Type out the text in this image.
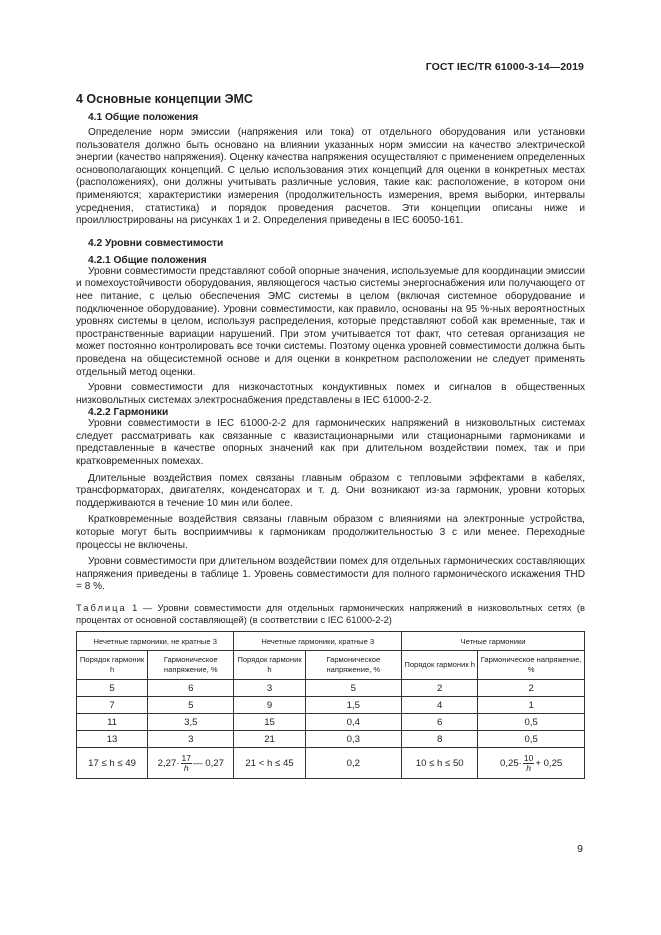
ГОСТ IEC/TR 61000-3-14—2019
4 Основные концепции ЭМС
4.1 Общие положения

Определение норм эмиссии (напряжения или тока) от отдельного оборудования или установки пользователя должно быть основано на влиянии указанных норм эмиссии на качество электрической энергии (качество напряжения). Оценку качества напряжения осуществляют с применением определенных основополагающих концепций. С целью использования этих концепций для оценки в конкретных местах (расположениях), они должны учитывать различные условия, такие как: расположение, в котором они применяются; характеристики измерения (продолжительность измерения, время выборки, интервалы усреднения, статистика) и порядок проведения расчетов. Эти концепции описаны ниже и проиллюстрированы на рисунках 1 и 2. Определения приведены в IEC 60050-161.

4.2 Уровни совместимости
4.2.1 Общие положения

Уровни совместимости представляют собой опорные значения, используемые для координации эмиссии и помехоустойчивости оборудования, являющегося частью системы энергоснабжения или получающего от нее питание, с целью обеспечения ЭМС системы в целом (включая системное оборудование и подключенное оборудование). Уровни совместимости, как правило, основаны на 95 %-ных вероятностных уровнях системы в целом, используя распределения, которые представляют собой как временные, так и пространственные вариации нарушений. При этом учитывается тот факт, что сетевая организация не может постоянно контролировать все точки системы. Поэтому оценка уровней совместимости должна быть проведена на общесистемной основе и для оценки в конкретном расположении не следует применять отдельный метод оценки.

Уровни совместимости для низкочастотных кондуктивных помех и сигналов в общественных низковольтных системах электроснабжения представлены в IEC 61000-2-2.

4.2.2 Гармоники

Уровни совместимости в IEC 61000-2-2 для гармонических напряжений в низковольтных системах следует рассматривать как связанные с квазистационарными или стационарными гармониками и представленные в качестве опорных значений как при длительном воздействии помех, так и при кратковременных помехах.

Длительные воздействия помех связаны главным образом с тепловыми эффектами в кабелях, трансформаторах, двигателях, конденсаторах и т. д. Они возникают из-за гармоник, уровни которых поддерживаются в течение 10 мин или более.

Кратковременные воздействия связаны главным образом с влияниями на электронные устройства, которые могут быть восприимчивы к гармоникам продолжительностью 3 с или менее. Переходные процессы не включены.

Уровни совместимости при длительном воздействии помех для отдельных гармонических составляющих напряжения приведены в таблице 1. Уровень совместимости для полного гармонического искажения THD = 8 %.

Таблица 1 — Уровни совместимости для отдельных гармонических напряжений в низковольтных сетях (в процентах от основной составляющей) (в соответствии с IEC 61000-2-2)
Нечетные гармоники, не кратные 3		Нечетные гармоники, кратные 3		Четные гармоники	
Порядок гармоник h	Гармоническое напряжение, %	Порядок гармоник h	Гармоническое напряжение, %	Порядок гармоник h	Гармоническое напряжение, %
5	6	3	5	2	2
7	5	9	1,5	4	1
11	3,5	15	0,4	6	0,5
13	3	21	0,3	8	0,5
17 ≤ h ≤ 49	$2,27\cdot \frac{17}{h}$ — 0,27	21 < h ≤ 45	0,2	10 ≤ h ≤ 50	$0,25\cdot \frac{10}{h} + 0,25$
9
